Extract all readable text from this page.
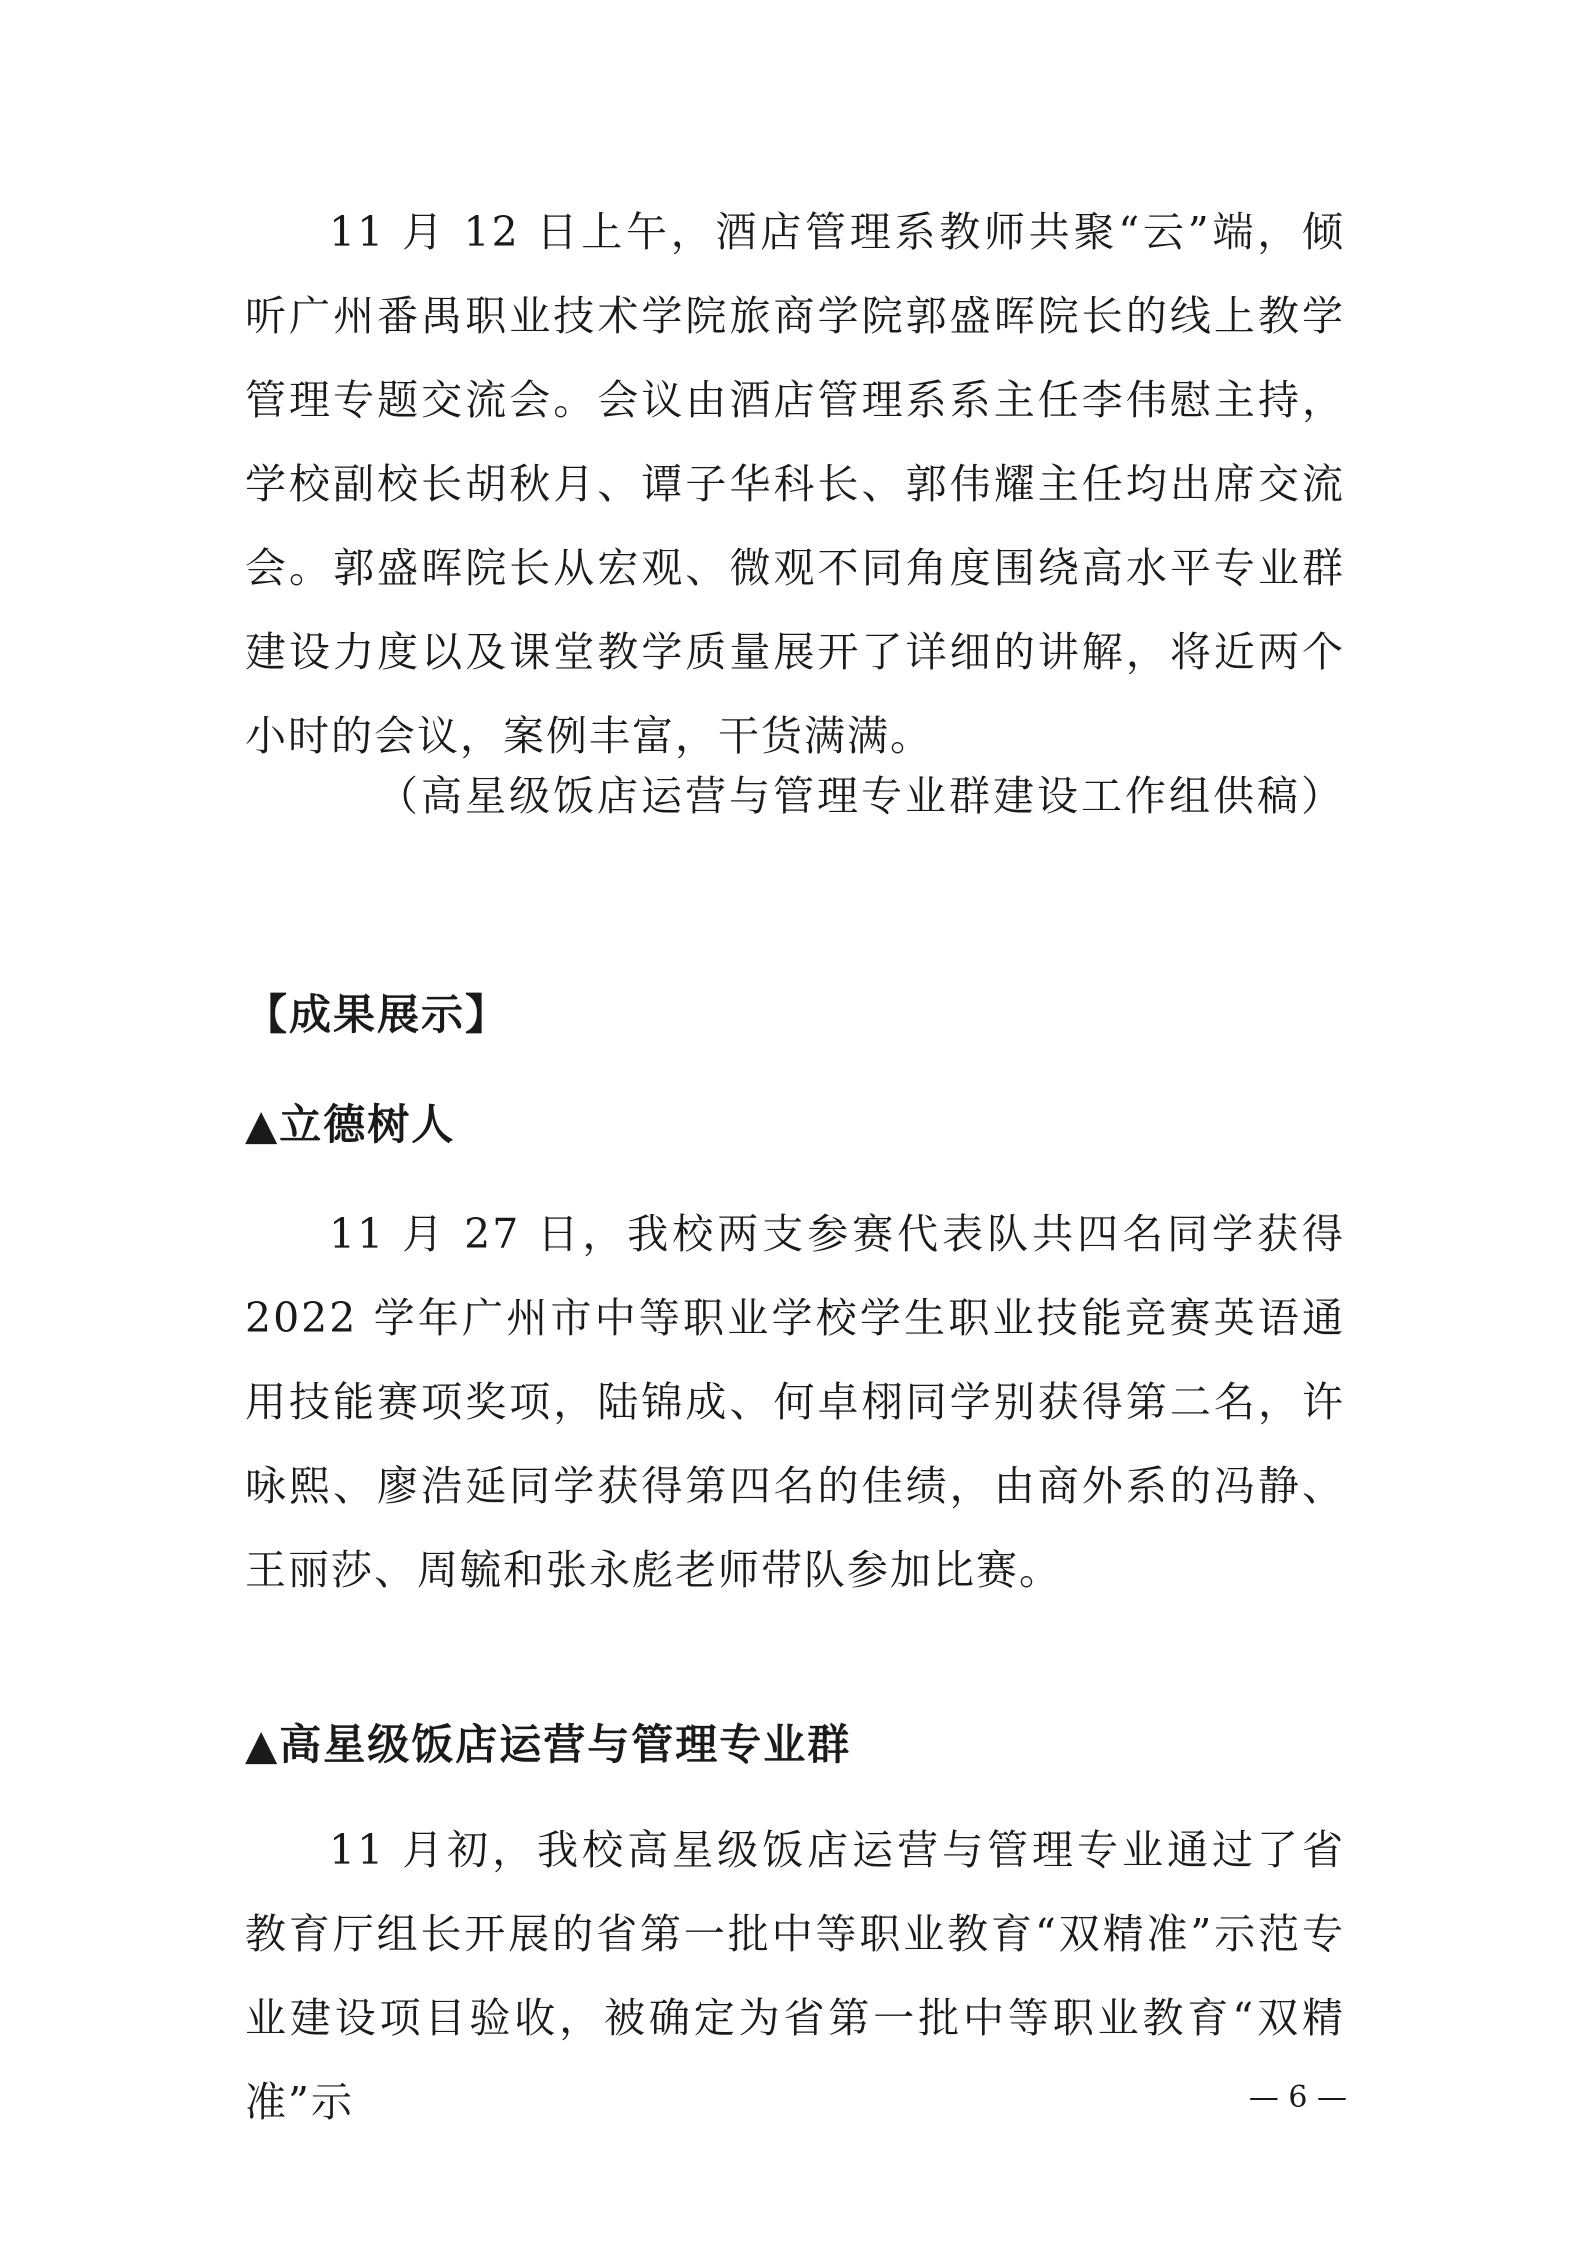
11 月 12 日上午，酒店管理系教师共聚“云”端，倾听广州番禺职业技术学院旅商学院郭盛晖院长的线上教学管理专题交流会。会议由酒店管理系系主任李伟慰主持，学校副校长胡秋月、谭子华科长、郭伟耀主任均出席交流会。郭盛晖院长从宏观、微观不同角度围绕高水平专业群建设力度以及课堂教学质量展开了详细的讲解，将近两个小时的会议，案例丰富，干货满满。

（高星级饭店运营与管理专业群建设工作组供稿）
【成果展示】
▲立德树人

11 月 27 日，我校两支参赛代表队共四名同学获得 2022 学年广州市中等职业学校学生职业技能竞赛英语通用技能赛项奖项，陆锦成、何卓栩同学别获得第二名，许咏熙、廖浩延同学获得第四名的佳绩，由商外系的冯静、王丽莎、周毓和张永彪老师带队参加比赛。

▲高星级饭店运营与管理专业群

11 月初，我校高星级饭店运营与管理专业通过了省教育厅组长开展的省第一批中等职业教育“双精准”示范专业建设项目验收，被确定为省第一批中等职业教育“双精准”示	— 6 —
